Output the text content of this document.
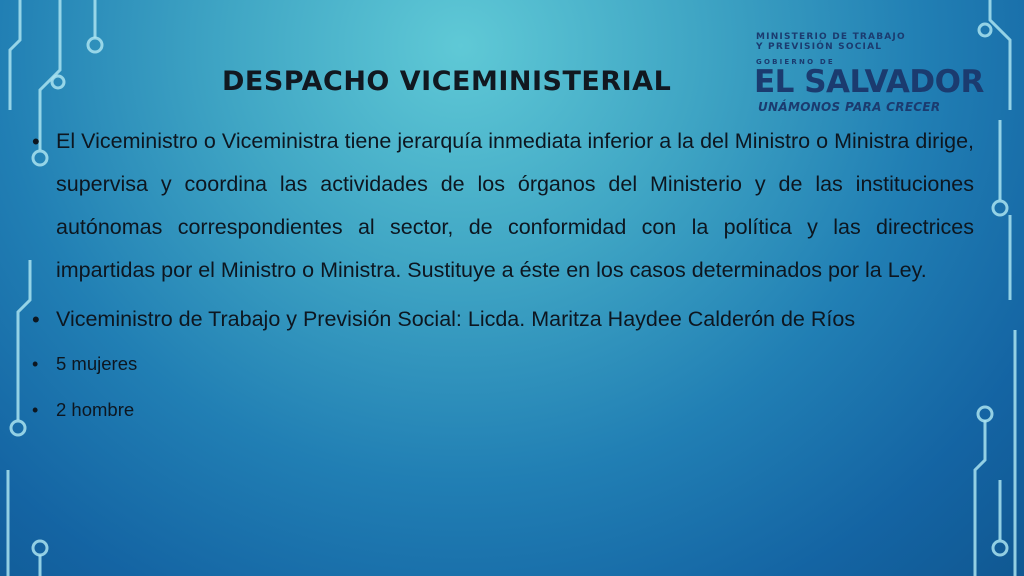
DESPACHO VICEMINISTERIAL
MINISTERIO DE TRABAJO
Y PREVISIÓN SOCIAL
GOBIERNO DE
EL SALVADOR
UNÁMONOS PARA CRECER
• El Viceministro o Viceministra tiene jerarquía inmediata inferior a la del Ministro o Ministra dirige, supervisa y coordina las actividades de los órganos del Ministerio y de las instituciones autónomas correspondientes al sector, de conformidad con la política y las directrices impartidas por el Ministro o Ministra. Sustituye a éste en los casos determinados por la Ley.
• Viceministro de Trabajo y Previsión Social: Licda. Maritza Haydee Calderón de Ríos
• 5 mujeres
• 2 hombre
